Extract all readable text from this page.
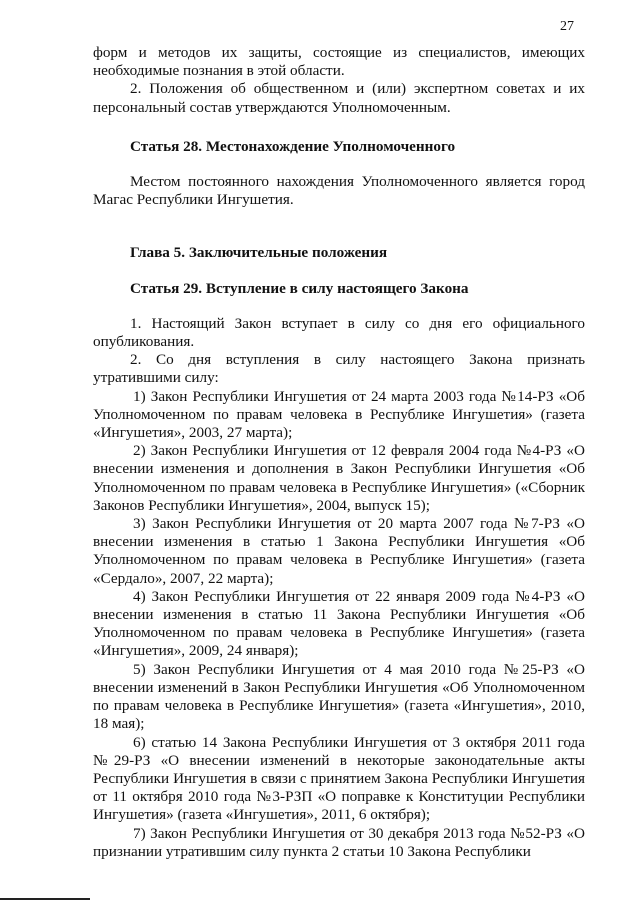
27

форм и методов их защиты, состоящие из специалистов, имеющих необходимые познания в этой области.

2. Положения об общественном и (или) экспертном советах и их персональный состав утверждаются Уполномоченным.

Статья 28. Местонахождение Уполномоченного

Местом постоянного нахождения Уполномоченного является город Магас Республики Ингушетия.

Глава 5. Заключительные положения

Статья 29. Вступление в силу настоящего Закона

1. Настоящий Закон вступает в силу со дня его официального опубликования.

2. Со дня вступления в силу настоящего Закона признать утратившими силу:

1) Закон Республики Ингушетия от 24 марта 2003 года №14-РЗ «Об Уполномоченном по правам человека в Республике Ингушетия» (газета «Ингушетия», 2003, 27 марта);

2) Закон Республики Ингушетия от 12 февраля 2004 года №4-РЗ «О внесении изменения и дополнения в Закон Республики Ингушетия «Об Уполномоченном по правам человека в Республике Ингушетия» («Сборник Законов Республики Ингушетия», 2004, выпуск 15);

3) Закон Республики Ингушетия от 20 марта 2007 года №7-РЗ «О внесении изменения в статью 1 Закона Республики Ингушетия «Об Уполномоченном по правам человека в Республике Ингушетия» (газета «Сердало», 2007, 22 марта);

4) Закон Республики Ингушетия от 22 января 2009 года №4-РЗ «О внесении изменения в статью 11 Закона Республики Ингушетия «Об Уполномоченном по правам человека в Республике Ингушетия» (газета «Ингушетия», 2009, 24 января);

5) Закон Республики Ингушетия от 4 мая 2010 года №25-РЗ «О внесении изменений в Закон Республики Ингушетия «Об Уполномоченном по правам человека в Республике Ингушетия» (газета «Ингушетия», 2010, 18 мая);

6) статью 14 Закона Республики Ингушетия от 3 октября 2011 года №29-РЗ «О внесении изменений в некоторые законодательные акты Республики Ингушетия в связи с принятием Закона Республики Ингушетия от 11 октября 2010 года №3-РЗП «О поправке к Конституции Республики Ингушетия» (газета «Ингушетия», 2011, 6 октября);

7) Закон Республики Ингушетия от 30 декабря 2013 года №52-РЗ «О признании утратившим силу пункта 2 статьи 10 Закона Республики
